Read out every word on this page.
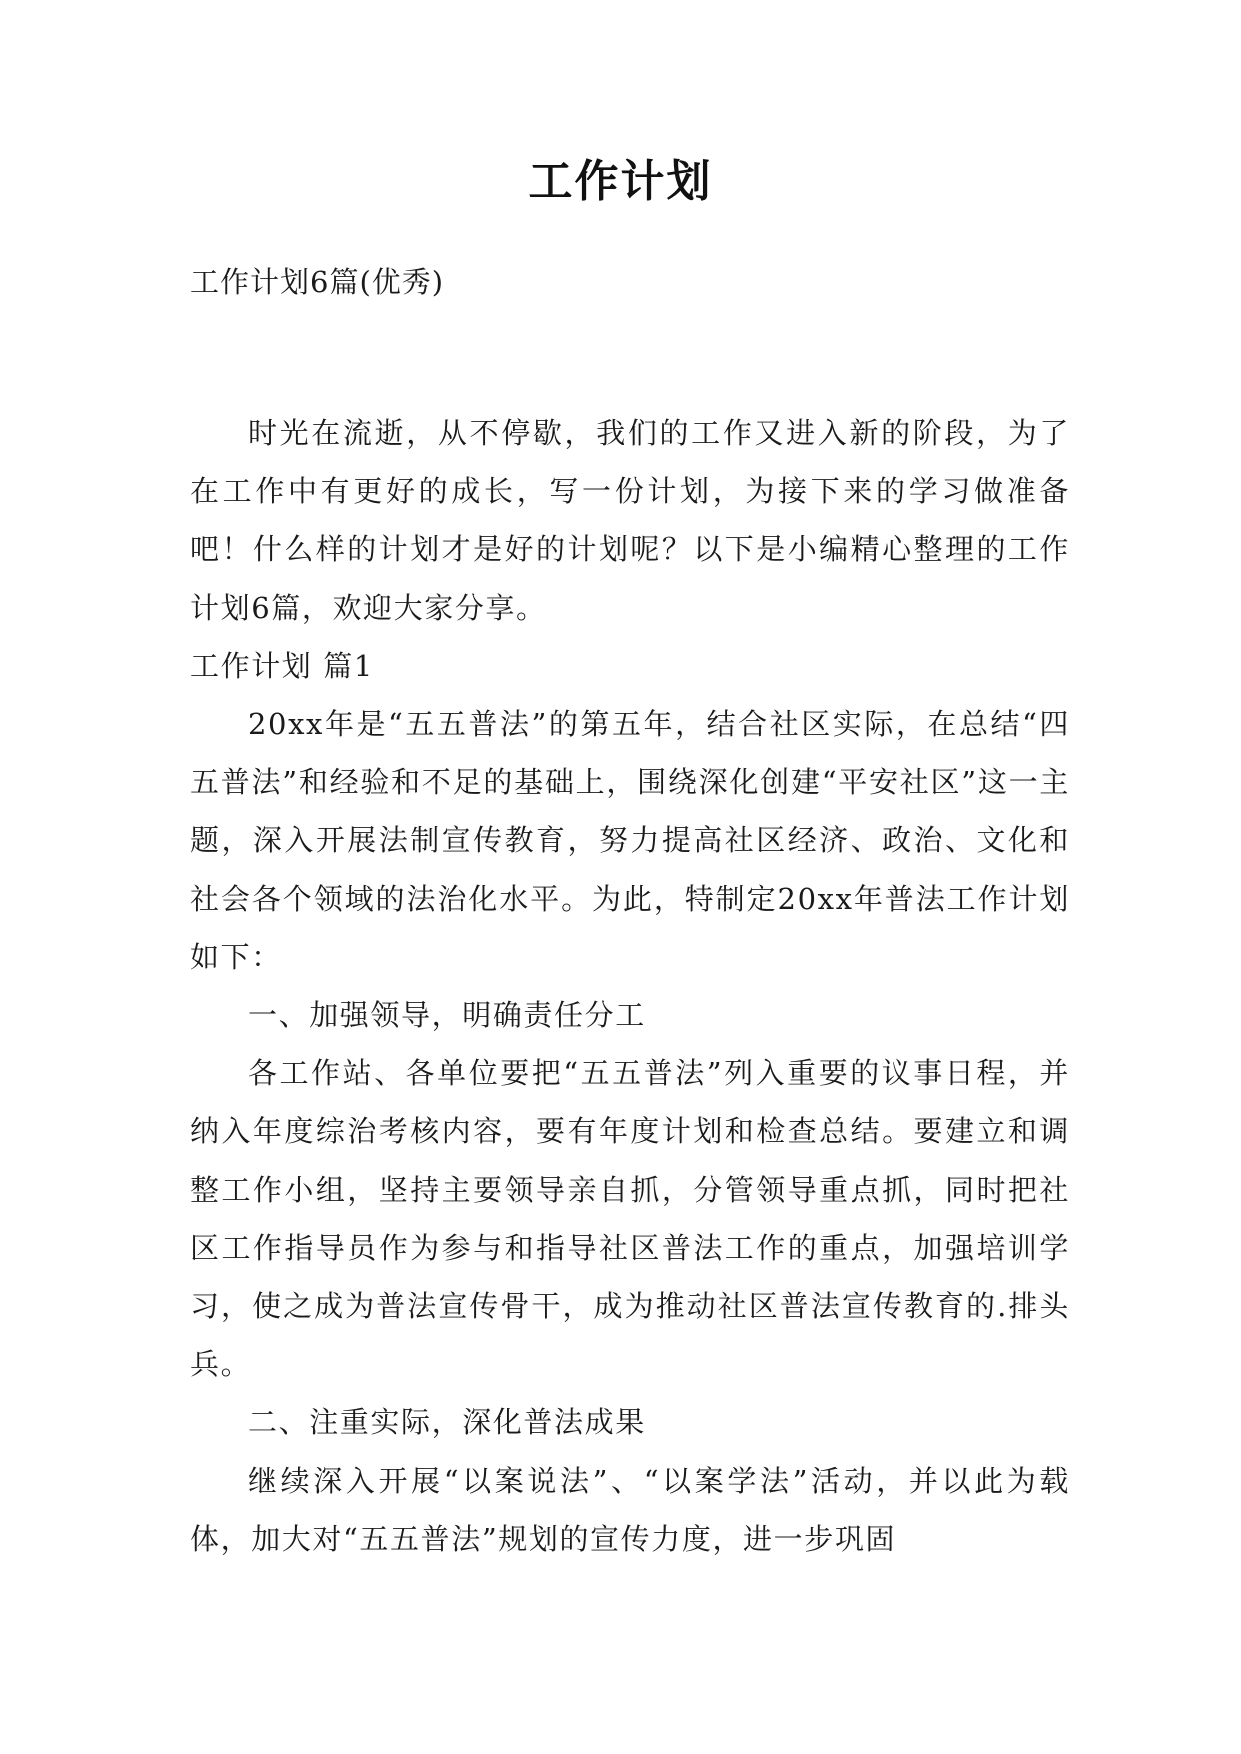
工作计划
工作计划6篇(优秀)

时光在流逝，从不停歇，我们的工作又进入新的阶段，为了在工作中有更好的成长，写一份计划，为接下来的学习做准备吧！什么样的计划才是好的计划呢？以下是小编精心整理的工作计划6篇，欢迎大家分享。

工作计划 篇1

20xx年是“五五普法”的第五年，结合社区实际，在总结“四五普法”和经验和不足的基础上，围绕深化创建“平安社区”这一主题，深入开展法制宣传教育，努力提高社区经济、政治、文化和社会各个领域的法治化水平。为此，特制定20xx年普法工作计划如下：

一、加强领导，明确责任分工

各工作站、各单位要把“五五普法”列入重要的议事日程，并纳入年度综治考核内容，要有年度计划和检查总结。要建立和调整工作小组，坚持主要领导亲自抓，分管领导重点抓，同时把社区工作指导员作为参与和指导社区普法工作的重点，加强培训学习，使之成为普法宣传骨干，成为推动社区普法宣传教育的.排头兵。

二、注重实际，深化普法成果

继续深入开展“以案说法”、“以案学法”活动，并以此为载体，加大对“五五普法”规划的宣传力度，进一步巩固
